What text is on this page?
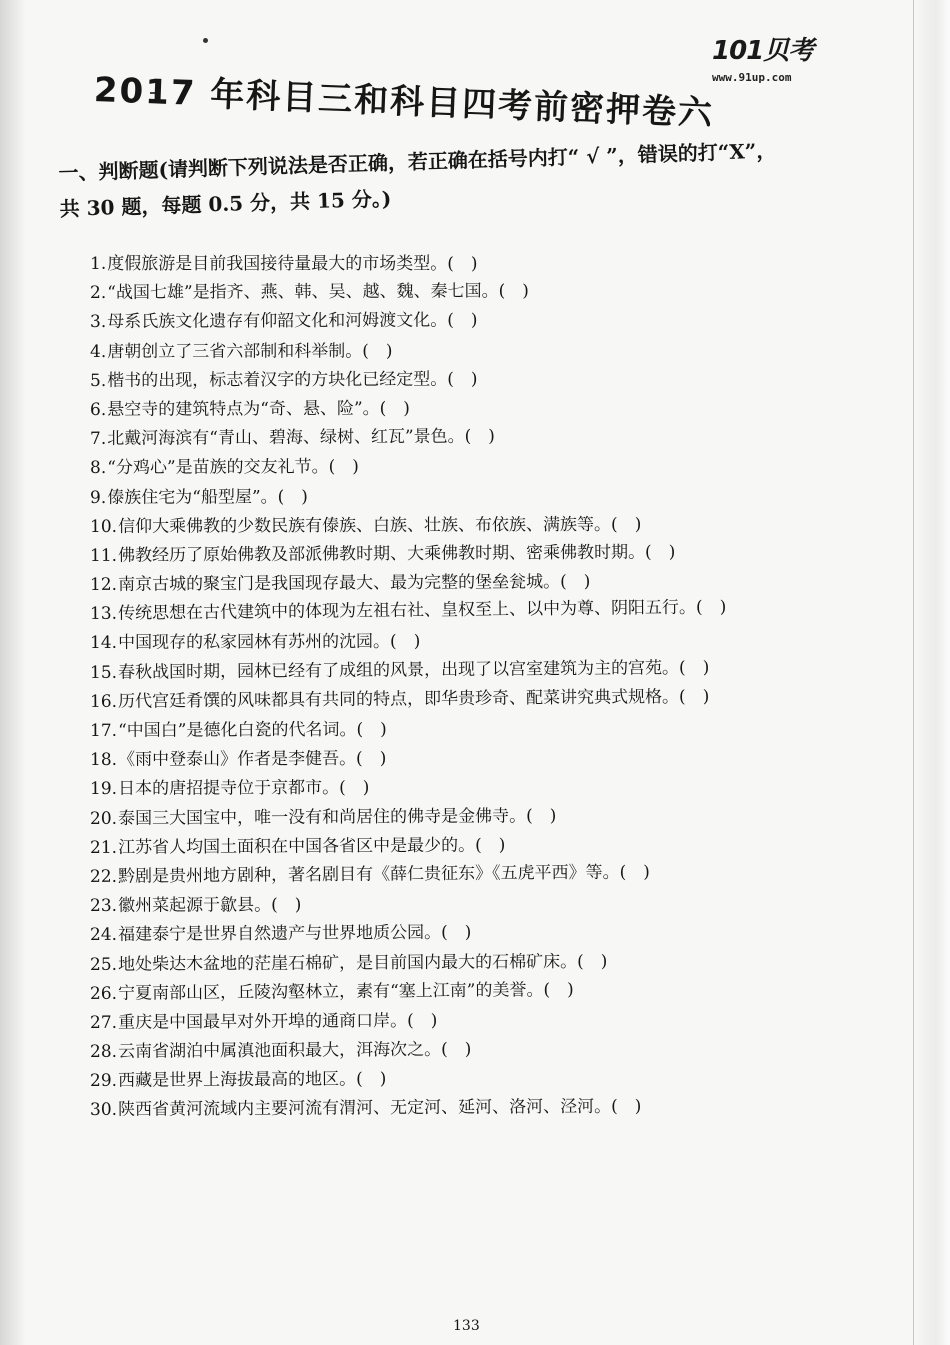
101贝考
www.91up.com
2017 年科目三和科目四考前密押卷六
一、判断题(请判断下列说法是否正确，若正确在括号内打“ √ ”，错误的打“X”，
共 30 题，每题 0.5 分，共 15 分。)
1.度假旅游是目前我国接待量最大的市场类型。(　)
2.“战国七雄”是指齐、燕、韩、吴、越、魏、秦七国。(　)
3.母系氏族文化遗存有仰韶文化和河姆渡文化。(　)
4.唐朝创立了三省六部制和科举制。(　)
5.楷书的出现，标志着汉字的方块化已经定型。(　)
6.悬空寺的建筑特点为“奇、悬、险”。(　)
7.北戴河海滨有“青山、碧海、绿树、红瓦”景色。(　)
8.“分鸡心”是苗族的交友礼节。(　)
9.傣族住宅为“船型屋”。(　)
10.信仰大乘佛教的少数民族有傣族、白族、壮族、布依族、满族等。(　)
11.佛教经历了原始佛教及部派佛教时期、大乘佛教时期、密乘佛教时期。(　)
12.南京古城的聚宝门是我国现存最大、最为完整的堡垒瓮城。(　)
13.传统思想在古代建筑中的体现为左祖右社、皇权至上、以中为尊、阴阳五行。(　)
14.中国现存的私家园林有苏州的沈园。(　)
15.春秋战国时期，园林已经有了成组的风景，出现了以宫室建筑为主的宫苑。(　)
16.历代宫廷肴馔的风味都具有共同的特点，即华贵珍奇、配菜讲究典式规格。(　)
17.“中国白”是德化白瓷的代名词。(　)
18.《雨中登泰山》作者是李健吾。(　)
19.日本的唐招提寺位于京都市。(　)
20.泰国三大国宝中，唯一没有和尚居住的佛寺是金佛寺。(　)
21.江苏省人均国土面积在中国各省区中是最少的。(　)
22.黔剧是贵州地方剧种，著名剧目有《薛仁贵征东》《五虎平西》等。(　)
23.徽州菜起源于歙县。(　)
24.福建泰宁是世界自然遗产与世界地质公园。(　)
25.地处柴达木盆地的茫崖石棉矿，是目前国内最大的石棉矿床。(　)
26.宁夏南部山区，丘陵沟壑林立，素有“塞上江南”的美誉。(　)
27.重庆是中国最早对外开埠的通商口岸。(　)
28.云南省湖泊中属滇池面积最大，洱海次之。(　)
29.西藏是世界上海拔最高的地区。(　)
30.陕西省黄河流域内主要河流有渭河、无定河、延河、洛河、泾河。(　)
133
